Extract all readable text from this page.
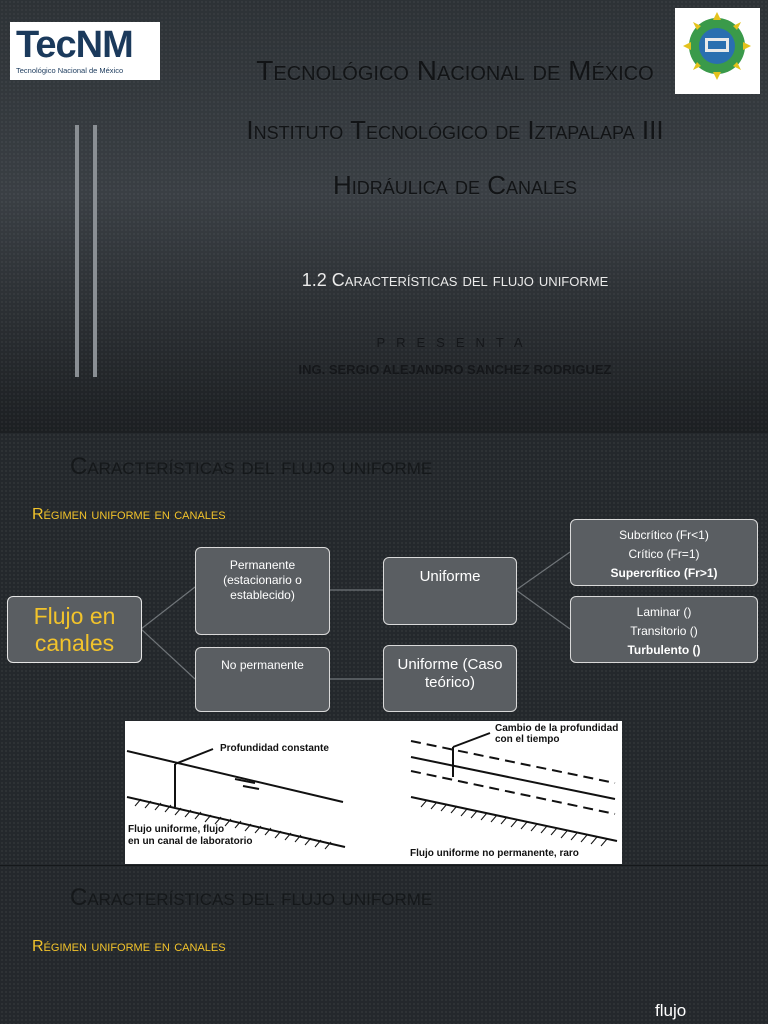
TecNM
Tecnológico Nacional de México	Tecnológico Nacional de México
Instituto Tecnológico de Iztapalapa III
Hidráulica de Canales
1.2 Características del flujo uniforme
PRESENTA
ING. SERGIO ALEJANDRO SANCHEZ RODRIGUEZ
Características del flujo uniforme
Régimen uniforme en canales
Flujo en
canales
Permanente
(estacionario o
establecido)
No permanente
Uniforme
Uniforme (Caso
teórico)
Subcrítico (Fr<1)
Crítico (Fr=1)
Supercrítico (Fr>1)
Laminar ()
Transitorio ()
Turbulento ()
Profundidad constante
Flujo uniforme, flujo
en un canal de laboratorio
Cambio de la profundidad
con el tiempo
Flujo uniforme no permanente, raro
Características del flujo uniforme
Régimen uniforme en canales
flujo
